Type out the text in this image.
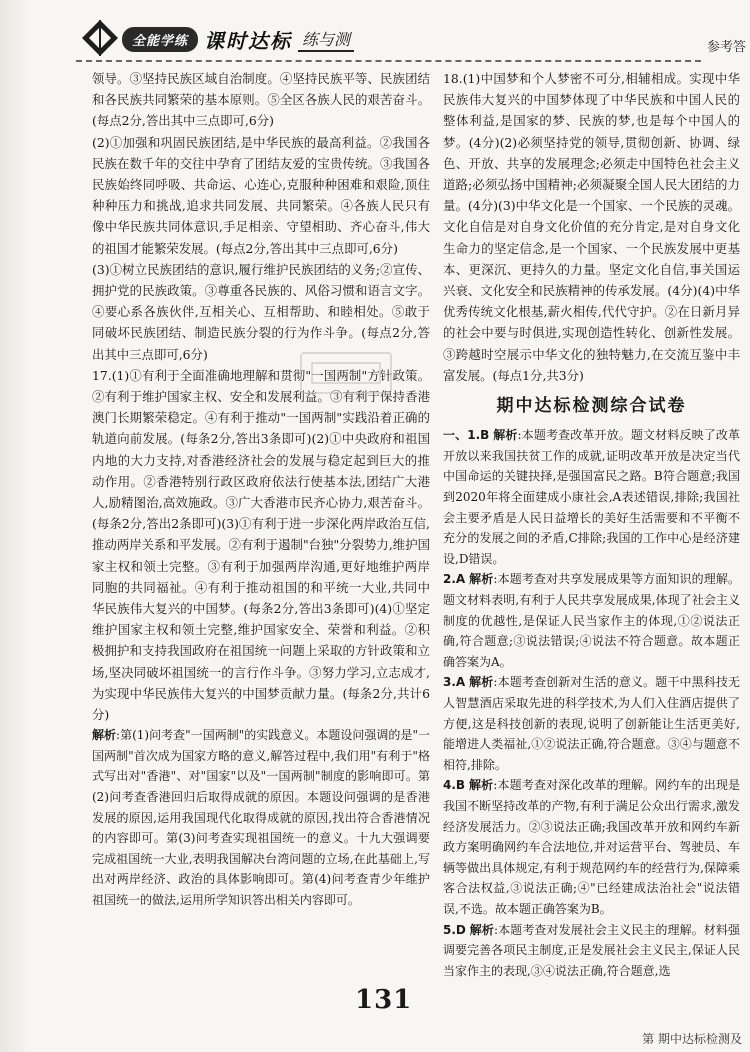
全能学练 课时达标 练与测	参考答

领导。③坚持民族区域自治制度。④坚持民族平等、民族团结和各民族共同繁荣的基本原则。⑤全区各族人民的艰苦奋斗。(每点2分,答出其中三点即可,6分)

(2)①加强和巩固民族团结,是中华民族的最高利益。②我国各民族在数千年的交往中孕育了团结友爱的宝贵传统。③我国各民族始终同呼吸、共命运、心连心,克服种种困难和艰险,顶住种种压力和挑战,追求共同发展、共同繁荣。④各族人民只有像中华民族共同体意识,手足相亲、守望相助、齐心奋斗,伟大的祖国才能繁荣发展。(每点2分,答出其中三点即可,6分)

(3)①树立民族团结的意识,履行维护民族团结的义务;②宣传、拥护党的民族政策。③尊重各民族的、风俗习惯和语言文字。④要心系各族伙伴,互相关心、互相帮助、和睦相处。⑤敢于同破坏民族团结、制造民族分裂的行为作斗争。(每点2分,答出其中三点即可,6分)

17.(1)①有利于全面准确地理解和贯彻"一国两制"方针政策。②有利于维护国家主权、安全和发展利益。③有利于保持香港澳门长期繁荣稳定。④有利于推动"一国两制"实践沿着正确的轨道向前发展。(每条2分,答出3条即可)(2)①中央政府和祖国内地的大力支持,对香港经济社会的发展与稳定起到巨大的推动作用。②香港特别行政区政府依法行使基本法,团结广大港人,励精图治,高效施政。③广大香港市民齐心协力,艰苦奋斗。(每条2分,答出2条即可)(3)①有利于进一步深化两岸政治互信,推动两岸关系和平发展。②有利于遏制"台独"分裂势力,维护国家主权和领土完整。③有利于加强两岸沟通,更好地维护两岸同胞的共同福祉。④有利于推动祖国的和平统一大业,共同中华民族伟大复兴的中国梦。(每条2分,答出3条即可)(4)①坚定维护国家主权和领土完整,维护国家安全、荣誉和利益。②积极拥护和支持我国政府在祖国统一问题上采取的方针政策和立场,坚决同破坏祖国统一的言行作斗争。③努力学习,立志成才,为实现中华民族伟大复兴的中国梦贡献力量。(每条2分,共计6分)

解析:第(1)问考查"一国两制"的实践意义。本题设问强调的是"一国两制"首次成为国家方略的意义,解答过程中,我们用"有利于"格式写出对"香港"、对"国家"以及"一国两制"制度的影响即可。第(2)问考查香港回归后取得成就的原因。本题设问强调的是香港发展的原因,运用我国现代化取得成就的原因,找出符合香港情况的内容即可。第(3)问考查实现祖国统一的意义。十九大强调要完成祖国统一大业,表明我国解决台湾问题的立场,在此基础上,写出对两岸经济、政治的具体影响即可。第(4)问考查青少年维护祖国统一的做法,运用所学知识答出相关内容即可。

18.(1)中国梦和个人梦密不可分,相辅相成。实现中华民族伟大复兴的中国梦体现了中华民族和中国人民的整体利益,是国家的梦、民族的梦,也是每个中国人的梦。(4分)(2)必须坚持党的领导,贯彻创新、协调、绿色、开放、共享的发展理念;必须走中国特色社会主义道路;必须弘扬中国精神;必须凝聚全国人民大团结的力量。(4分)(3)中华文化是一个国家、一个民族的灵魂。文化自信是对自身文化价值的充分肯定,是对自身文化生命力的坚定信念,是一个国家、一个民族发展中更基本、更深沉、更持久的力量。坚定文化自信,事关国运兴衰、文化安全和民族精神的传承发展。(4分)(4)中华优秀传统文化根基,薪火相传,代代守护。②在日新月异的社会中要与时俱进,实现创造性转化、创新性发展。③跨越时空展示中华文化的独特魅力,在交流互鉴中丰富发展。(每点1分,共3分)

期中达标检测综合试卷

一、1.B 解析:本题考查改革开放。题文材料反映了改革开放以来我国扶贫工作的成就,证明改革开放是决定当代中国命运的关键抉择,是强国富民之路。B符合题意;我国到2020年将全面建成小康社会,A表述错误,排除;我国社会主要矛盾是人民日益增长的美好生活需要和不平衡不充分的发展之间的矛盾,C排除;我国的工作中心是经济建设,D错误。

2.A 解析:本题考查对共享发展成果等方面知识的理解。题文材料表明,有利于人民共享发展成果,体现了社会主义制度的优越性,是保证人民当家作主的体现,①②说法正确,符合题意;③说法错误;④说法不符合题意。故本题正确答案为A。

3.A 解析:本题考查创新对生活的意义。题干中黑科技无人智慧酒店采取先进的科学技术,为人们入住酒店提供了方便,这是科技创新的表现,说明了创新能让生活更美好,能增进人类福祉,①②说法正确,符合题意。③④与题意不相符,排除。

4.B 解析:本题考查对深化改革的理解。网约车的出现是我国不断坚持改革的产物,有利于满足公众出行需求,激发经济发展活力。②③说法正确;我国改革开放和网约车新政方案明确网约车合法地位,并对运营平台、驾驶员、车辆等做出具体规定,有利于规范网约车的经营行为,保障乘客合法权益,③说法正确;④"已经建成法治社会"说法错误,不选。故本题正确答案为B。

5.D 解析:本题考查对发展社会主义民主的理解。材料强调要完善各项民主制度,正是发展社会主义民主,保证人民当家作主的表现,③④说法正确,符合题意,选

131
第 期中达标检测及
